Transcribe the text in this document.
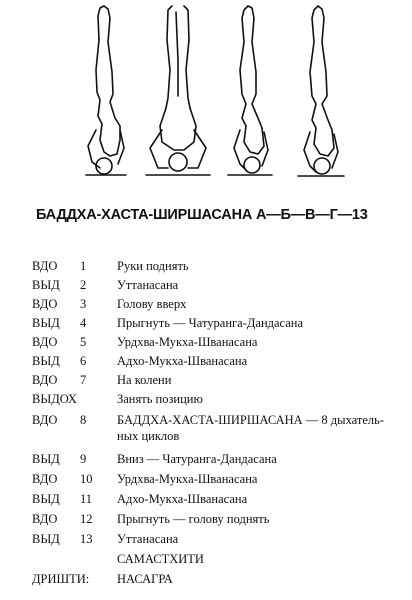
БАДДХА-ХАСТА-ШИРШАСАНА А—Б—В—Г—13
ВДО 1 Руки поднять
ВЫД 2 Уттанасана
ВДО 3 Голову вверх
ВЫД 4 Прыгнуть — Чатуранга-Дандасана
ВДО 5 Урдхва-Мукха-Шванасана
ВЫД 6 Адхо-Мукха-Шванасана
ВДО 7 На колени
ВЫДОХ	Занять позицию
ВДО 8 БАДДХА-ХАСТА-ШИРШАСАНА — 8 дыхатель-
ных циклов
ВЫД 9 Вниз — Чатуранга-Дандасана
ВДО 10 Урдхва-Мукха-Шванасана
ВЫД 11 Адхо-Мукха-Шванасана
ВДО 12 Прыгнуть — голову поднять
ВЫД 13 Уттанасана
САМАСТХИТИ
ДРИШТИ: НАСАГРА
